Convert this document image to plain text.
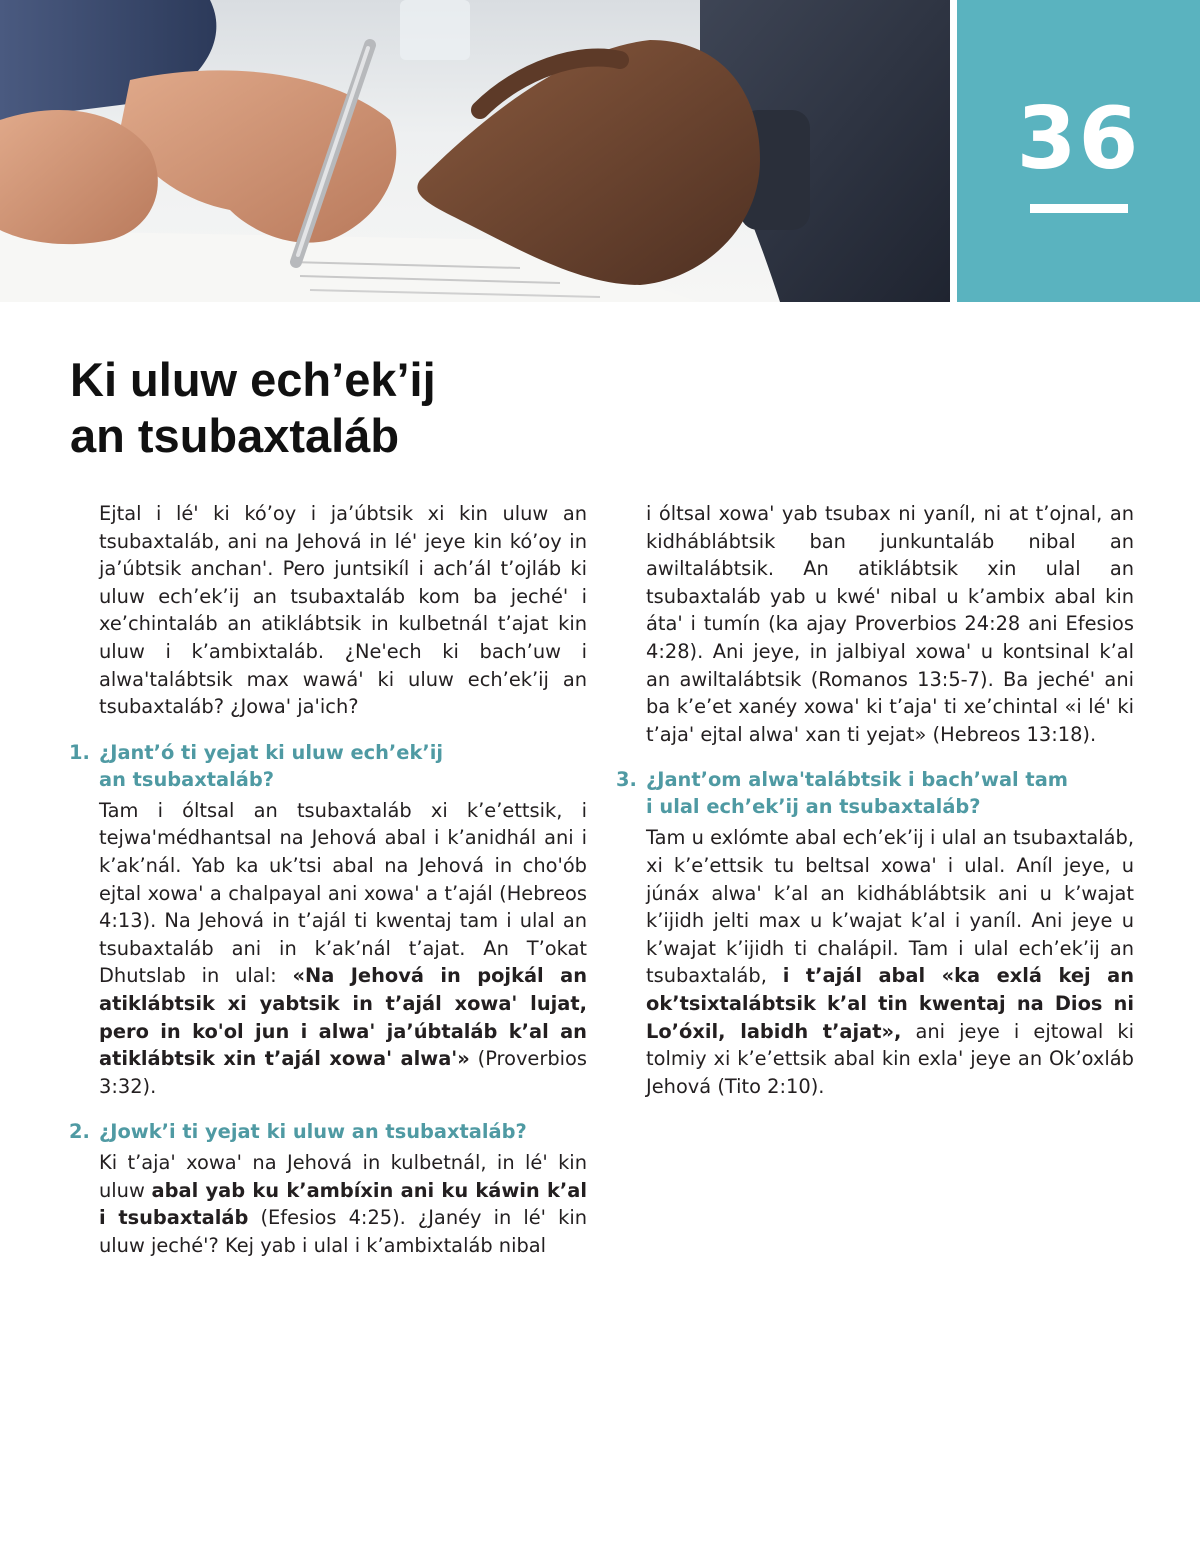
36
Ki uluw ech’ek’ij
an tsubaxtaláb

Ejtal i lé' ki kó’oy i ja’úbtsik xi kin uluw an tsubaxtaláb, ani na Jehová in lé' jeye kin kó’oy in ja’úbtsik anchan'. Pero juntsikíl i ach’ál t’ojláb ki uluw ech’ek’ij an tsubaxtaláb kom ba jeché' i xe’chintaláb an atiklábtsik in kulbetnál t’ajat kin uluw i k’ambixtaláb. ¿Ne'ech ki bach’uw i alwa'talábtsik max wawá' ki uluw ech’ek’ij an tsubaxtaláb? ¿Jowa' ja'ich?

1. ¿Jant’ó ti yejat ki uluw ech’ek’ij
an tsubaxtaláb?

Tam i óltsal an tsubaxtaláb xi k’e’ettsik, i tejwa'médhantsal na Jehová abal i k’anidhál ani i k’ak’nál. Yab ka uk’tsi abal na Jehová in cho'ób ejtal xowa' a chalpayal ani xowa' a t’ajál (Hebreos 4:13). Na Jehová in t’ajál ti kwentaj tam i ulal an tsubaxtaláb ani in k’ak’nál t’ajat. An T’okat Dhutslab in ulal: «Na Jehová in pojkál an atiklábtsik xi yabtsik in t’ajál xowa' lujat, pero in ko'ol jun i alwa' ja’úbtaláb k’al an atiklábtsik xin t’ajál xowa' alwa'» (Proverbios 3:32).

2. ¿Jowk’i ti yejat ki uluw an tsubaxtaláb?

Ki t’aja' xowa' na Jehová in kulbetnál, in lé' kin uluw abal yab ku k’ambíxin ani ku káwin k’al i tsubaxtaláb (Efesios 4:25). ¿Janéy in lé' kin uluw jeché'? Kej yab i ulal i k’ambixtaláb nibal

i óltsal xowa' yab tsubax ni yaníl, ni at t’ojnal, an kidháblábtsik ban junkuntaláb nibal an awiltalábtsik. An atiklábtsik xin ulal an tsubaxtaláb yab u kwé' nibal u k’ambix abal kin áta' i tumín (ka ajay Proverbios 24:28 ani Efesios 4:28). Ani jeye, in jalbiyal xowa' u kontsinal k’al an awiltalábtsik (Romanos 13:5-7). Ba jeché' ani ba k’e’et xanéy xowa' ki t’aja' ti xe’chintal «i lé' ki t’aja' ejtal alwa' xan ti yejat» (Hebreos 13:18).

3. ¿Jant’om alwa'talábtsik i bach’wal tam
i ulal ech’ek’ij an tsubaxtaláb?

Tam u exlómte abal ech’ek’ij i ulal an tsubaxtaláb, xi k’e’ettsik tu beltsal xowa' i ulal. Aníl jeye, u júnáx alwa' k’al an kidháblábtsik ani u k’wajat k’ijidh jelti max u k’wajat k’al i yaníl. Ani jeye u k’wajat k’ijidh ti chalápil. Tam i ulal ech’ek’ij an tsubaxtaláb, i t’ajál abal «ka exlá kej an ok’tsixtalábtsik k’al tin kwentaj na Dios ni Lo’óxil, labidh t’ajat», ani jeye i ejtowal ki tolmiy xi k’e’ettsik abal kin exla' jeye an Ok’oxláb Jehová (Tito 2:10).
